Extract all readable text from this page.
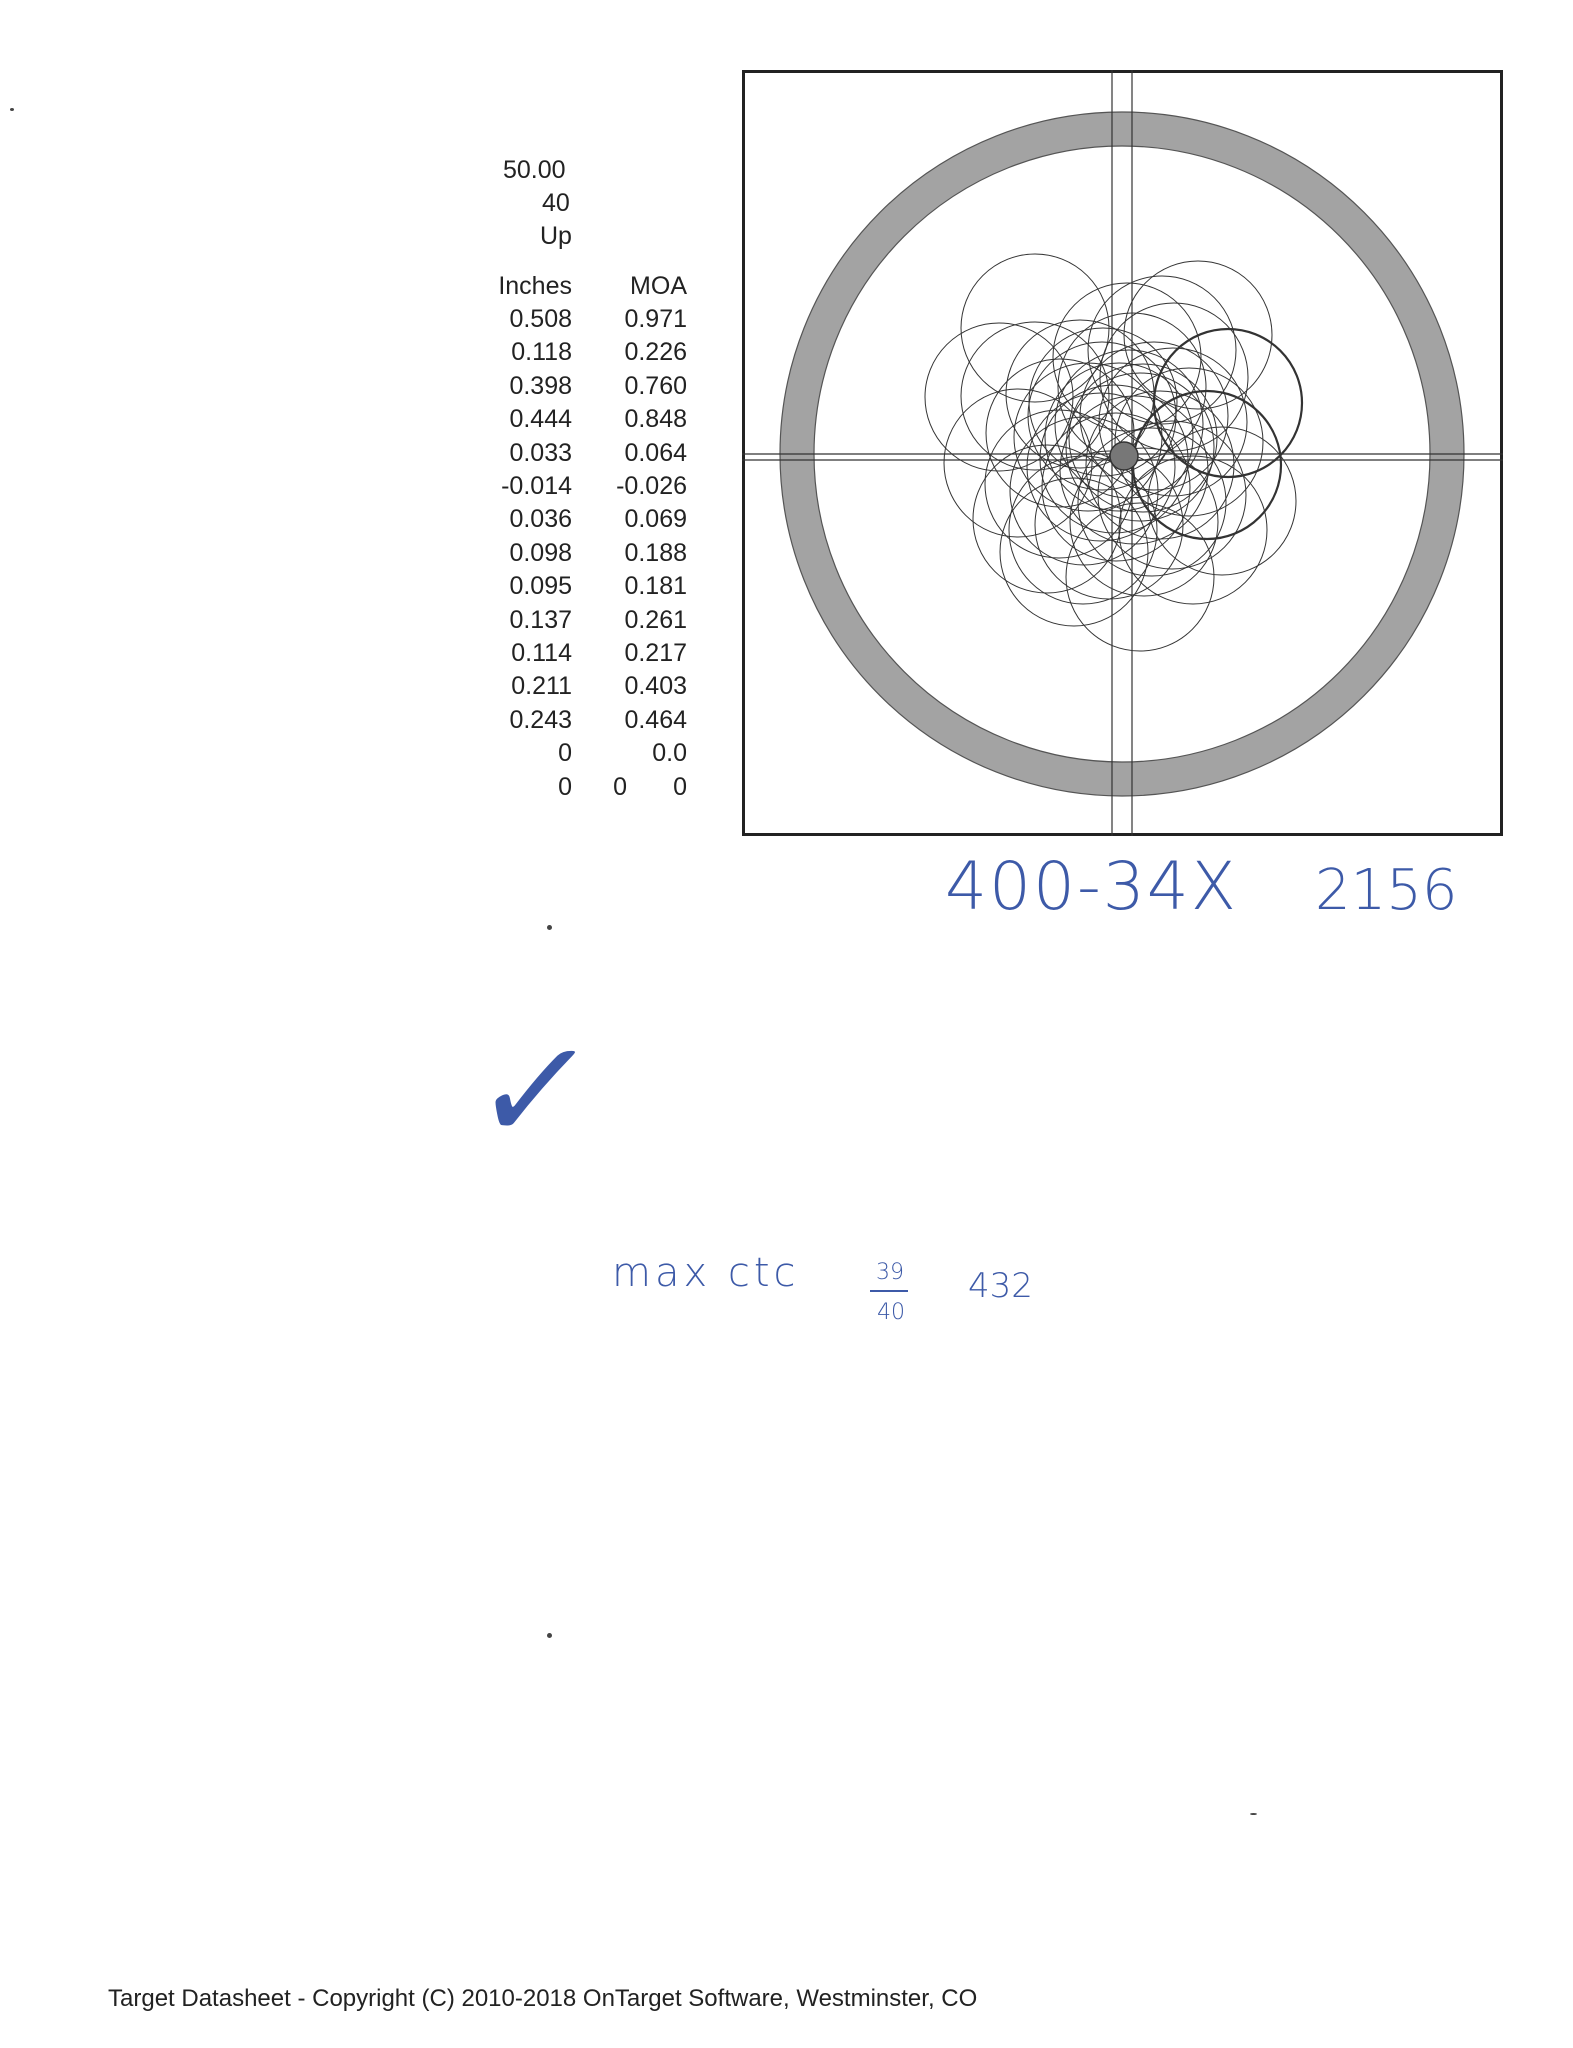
50.00
40
Up
Inches	MOA
0.508	0.971
0.118	0.226
0.398	0.760
0.444	0.848
0.033	0.064
-0.014	-0.026
0.036	0.069
0.098	0.188
0.095	0.181
0.137	0.261
0.114	0.217
0.211	0.403
0.243	0.464
0	0.0
0	0	0
400-34X 2156
✓
max ctc	39
40
432
Target Datasheet - Copyright (C) 2010-2018 OnTarget Software, Westminster, CO
